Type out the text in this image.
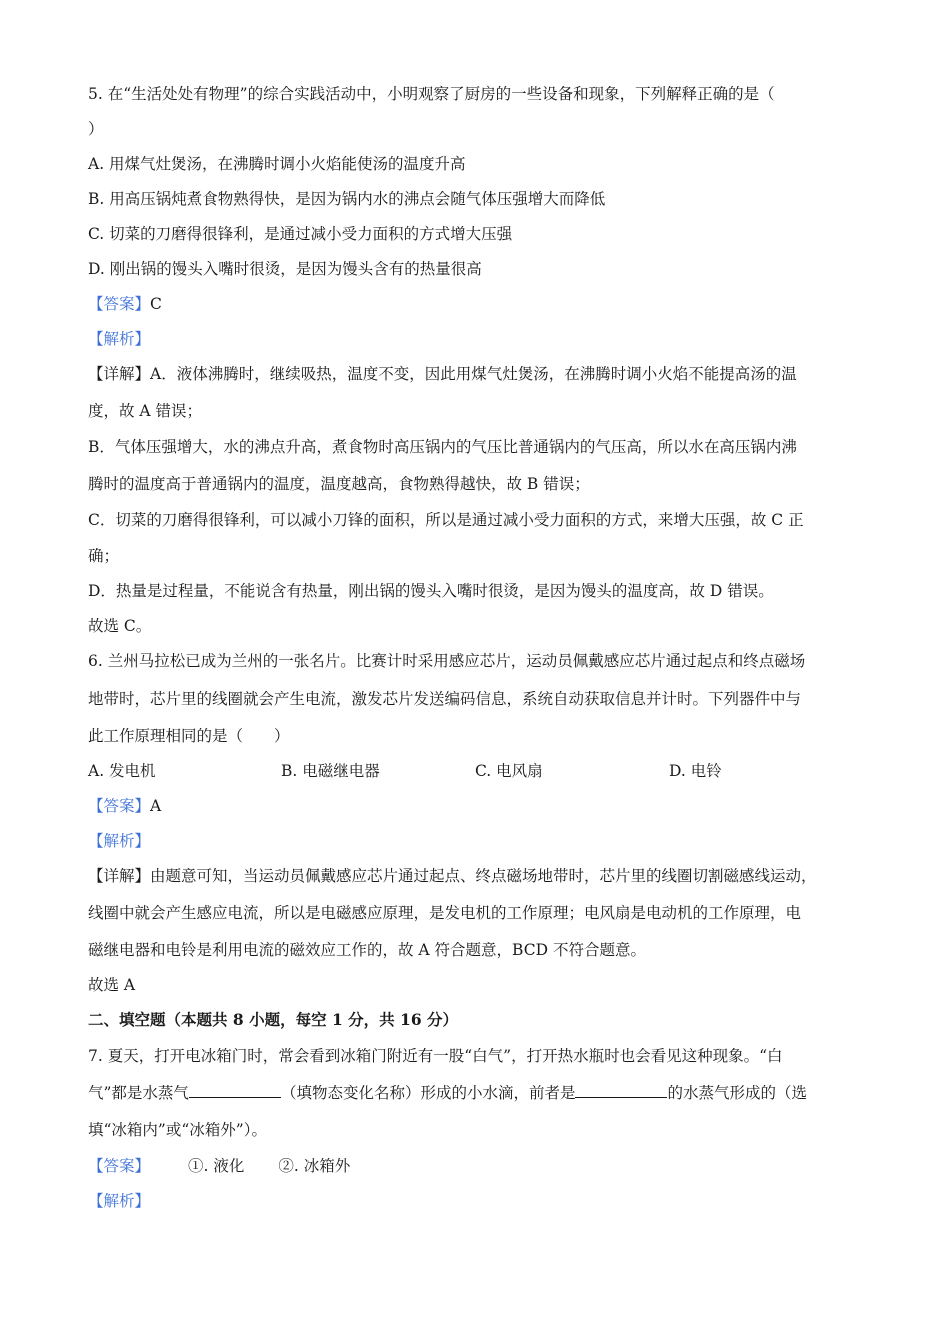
5. 在“生活处处有物理”的综合实践活动中，小明观察了厨房的一些设备和现象，下列解释正确的是（
）
A. 用煤气灶煲汤，在沸腾时调小火焰能使汤的温度升高
B. 用高压锅炖煮食物熟得快，是因为锅内水的沸点会随气体压强增大而降低
C. 切菜的刀磨得很锋利，是通过减小受力面积的方式增大压强
D. 刚出锅的馒头入嘴时很烫，是因为馒头含有的热量很高
【答案】C
【解析】
【详解】A．液体沸腾时，继续吸热，温度不变，因此用煤气灶煲汤，在沸腾时调小火焰不能提高汤的温
度，故 A 错误；
B．气体压强增大，水的沸点升高，煮食物时高压锅内的气压比普通锅内的气压高，所以水在高压锅内沸
腾时的温度高于普通锅内的温度，温度越高，食物熟得越快，故 B 错误；
C．切菜的刀磨得很锋利，可以减小刀锋的面积，所以是通过减小受力面积的方式，来增大压强，故 C 正
确；
D．热量是过程量，不能说含有热量，刚出锅的馒头入嘴时很烫，是因为馒头的温度高，故 D 错误。
故选 C。
6. 兰州马拉松已成为兰州的一张名片。比赛计时采用感应芯片，运动员佩戴感应芯片通过起点和终点磁场
地带时，芯片里的线圈就会产生电流，激发芯片发送编码信息，系统自动获取信息并计时。下列器件中与
此工作原理相同的是（　　）
A. 发电机	B. 电磁继电器	C. 电风扇	D. 电铃
【答案】A
【解析】
【详解】由题意可知，当运动员佩戴感应芯片通过起点、终点磁场地带时，芯片里的线圈切割磁感线运动，
线圈中就会产生感应电流，所以是电磁感应原理，是发电机的工作原理；电风扇是电动机的工作原理，电
磁继电器和电铃是利用电流的磁效应工作的，故 A 符合题意，BCD 不符合题意。
故选 A
二、填空题（本题共 8 小题，每空 1 分，共 16 分）
7. 夏天，打开电冰箱门时，常会看到冰箱门附近有一股“白气”，打开热水瓶时也会看见这种现象。“白
气”都是水蒸气	（填物态变化名称）形成的小水滴，前者是	的水蒸气形成的（选
填“冰箱内”或“冰箱外”）。
【答案】 ①. 液化 ②. 冰箱外
【解析】
